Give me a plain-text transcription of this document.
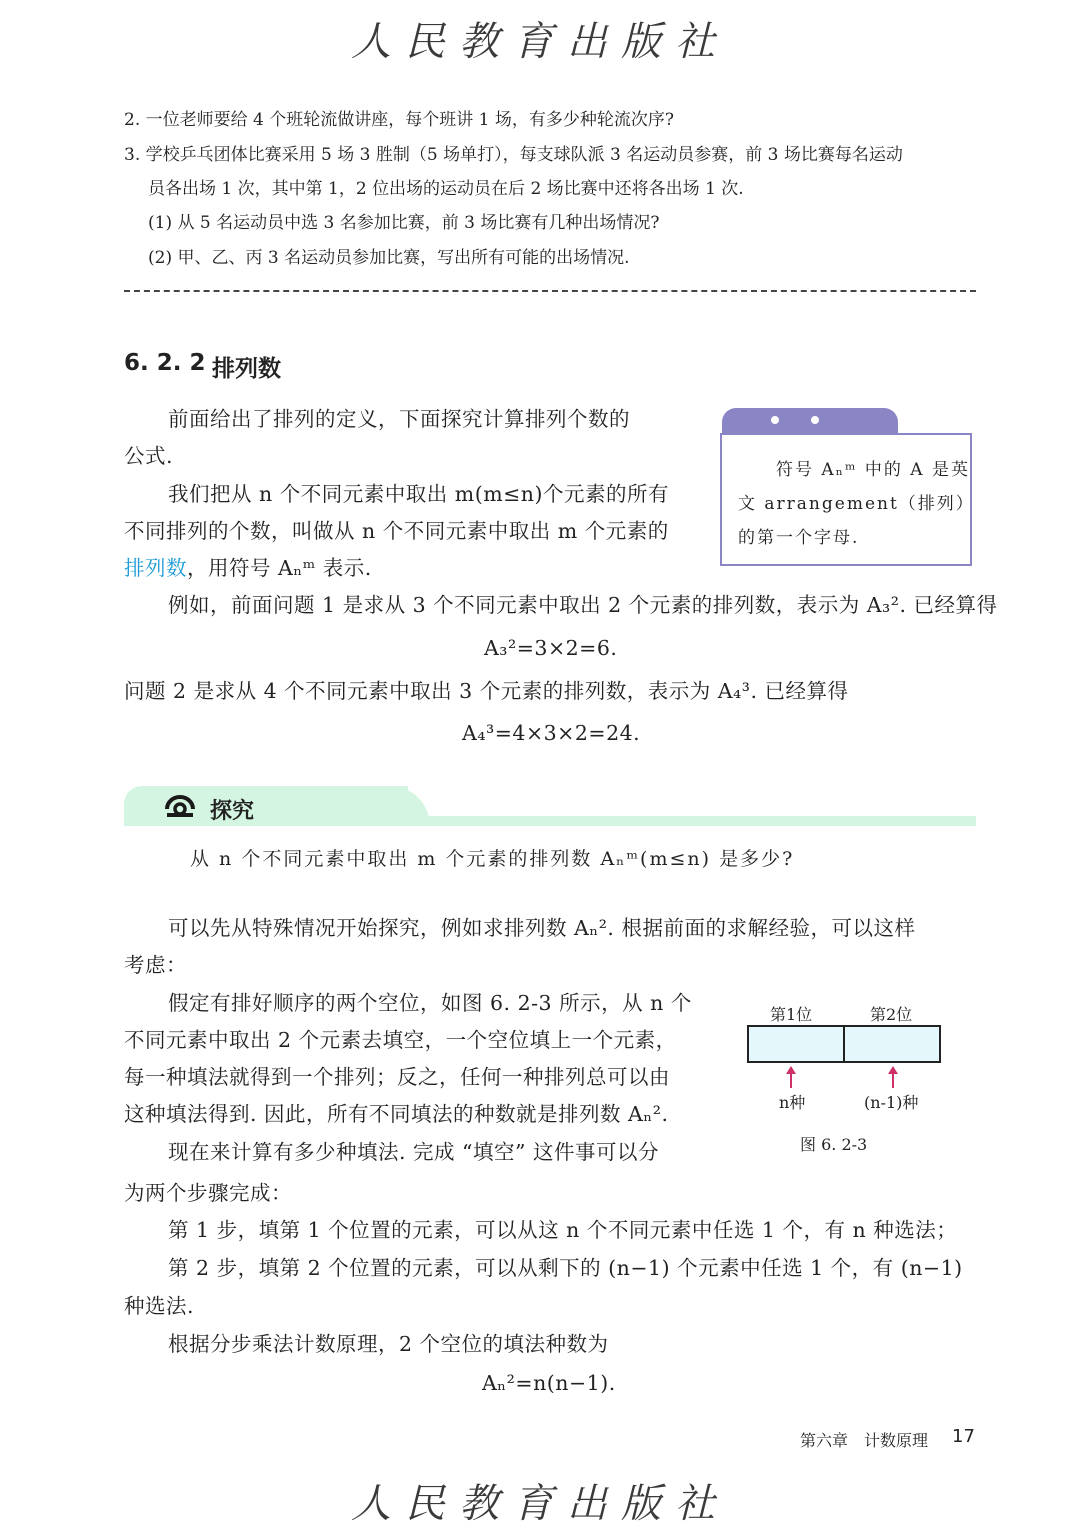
人民教育出版社
2. 一位老师要给 4 个班轮流做讲座，每个班讲 1 场，有多少种轮流次序?
3. 学校乒乓团体比赛采用 5 场 3 胜制（5 场单打），每支球队派 3 名运动员参赛，前 3 场比赛每名运动
员各出场 1 次，其中第 1，2 位出场的运动员在后 2 场比赛中还将各出场 1 次.
(1) 从 5 名运动员中选 3 名参加比赛，前 3 场比赛有几种出场情况?
(2) 甲、乙、丙 3 名运动员参加比赛，写出所有可能的出场情况.
6. 2. 2 排列数
前面给出了排列的定义，下面探究计算排列个数的
公式.
我们把从 n 个不同元素中取出 m(m≤n)个元素的所有
不同排列的个数，叫做从 n 个不同元素中取出 m 个元素的
排列数，用符号 Aₙᵐ 表示.
符号 Aₙᵐ 中的 A 是英
文 arrangement（排列）
的第一个字母.
例如，前面问题 1 是求从 3 个不同元素中取出 2 个元素的排列数，表示为 A₃². 已经算得
A₃²=3×2=6.
问题 2 是求从 4 个不同元素中取出 3 个元素的排列数，表示为 A₄³. 已经算得
A₄³=4×3×2=24.
探究
从 n 个不同元素中取出 m 个元素的排列数 Aₙᵐ(m≤n) 是多少?
可以先从特殊情况开始探究，例如求排列数 Aₙ². 根据前面的求解经验，可以这样
考虑：
假定有排好顺序的两个空位，如图 6. 2-3 所示，从 n 个
不同元素中取出 2 个元素去填空，一个空位填上一个元素，
每一种填法就得到一个排列；反之，任何一种排列总可以由
这种填法得到. 因此，所有不同填法的种数就是排列数 Aₙ².
现在来计算有多少种填法. 完成 “填空” 这件事可以分
为两个步骤完成：
第 1 步，填第 1 个位置的元素，可以从这 n 个不同元素中任选 1 个，有 n 种选法；
第 2 步，填第 2 个位置的元素，可以从剩下的 (n−1) 个元素中任选 1 个，有 (n−1)
种选法.
根据分步乘法计数原理，2 个空位的填法种数为
Aₙ²=n(n−1).
第1位	第2位
n种	(n-1)种
图 6. 2-3
第六章　计数原理 17
人民教育出版社
